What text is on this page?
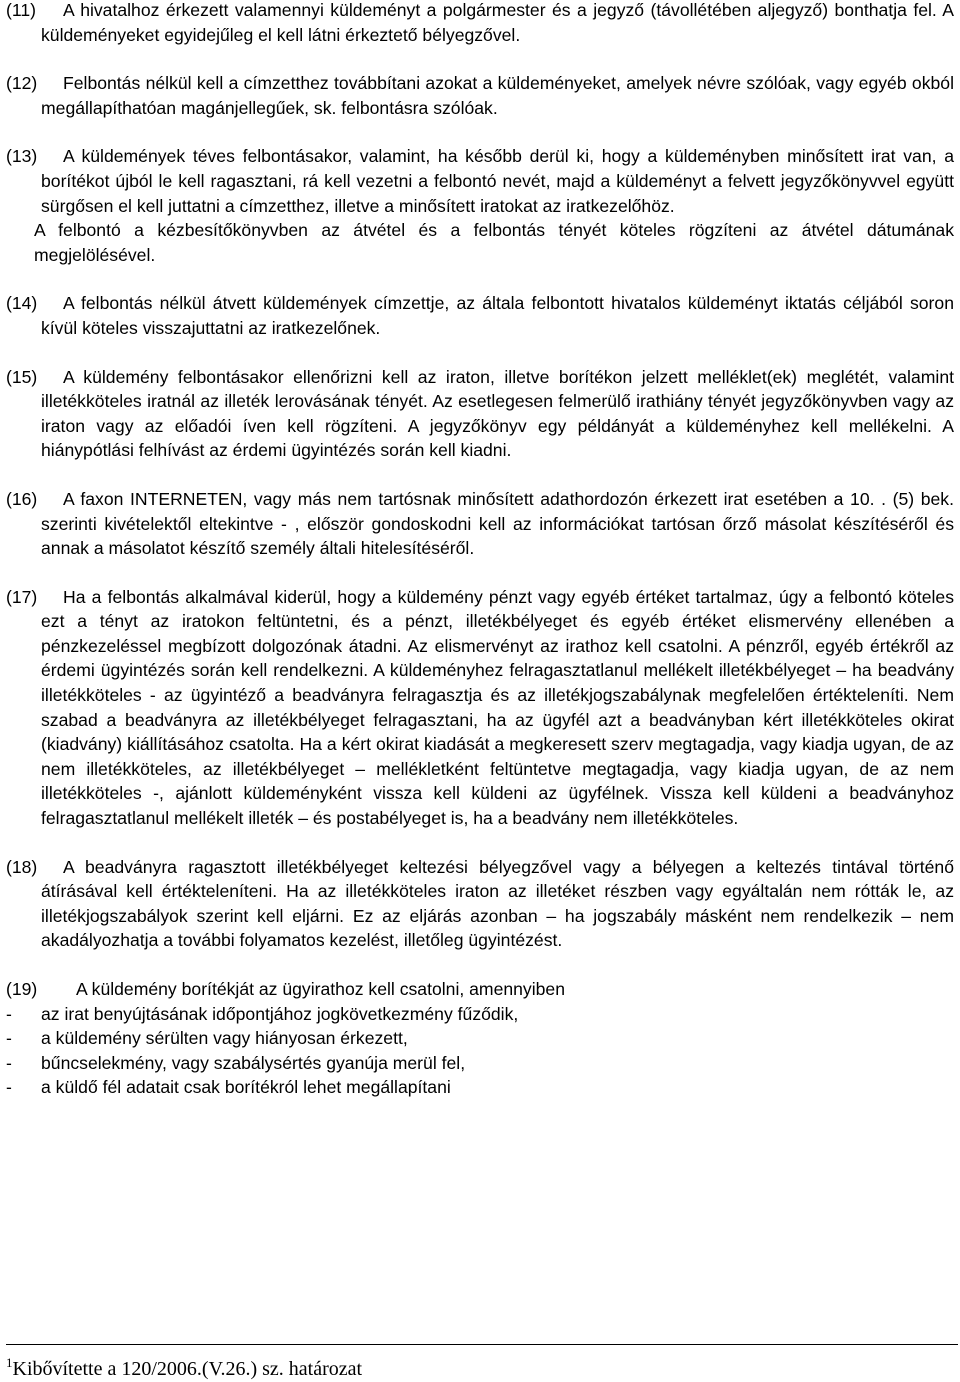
(11) A hivatalhoz érkezett valamennyi küldeményt a polgármester és a jegyző (távollétében aljegyző) bonthatja fel. A küldeményeket egyidejűleg el kell látni érkeztető bélyegzővel.
(12) Felbontás nélkül kell a címzetthez továbbítani azokat a küldeményeket, amelyek névre szólóak, vagy egyéb okból megállapíthatóan magánjellegűek, sk. felbontásra szólóak.
(13) A küldemények téves felbontásakor, valamint, ha később derül ki, hogy a küldeményben minősített irat van, a borítékot újból le kell ragasztani, rá kell vezetni a felbontó nevét, majd a küldeményt a felvett jegyzőkönyvvel együtt sürgősen el kell juttatni a címzetthez, illetve a minősített iratokat az iratkezelőhöz.
A felbontó a kézbesítőkönyvben az átvétel és a felbontás tényét köteles rögzíteni az átvétel dátumának megjelölésével.
(14) A felbontás nélkül átvett küldemények címzettje, az általa felbontott hivatalos küldeményt iktatás céljából soron kívül köteles visszajuttatni az iratkezelőnek.
(15) A küldemény felbontásakor ellenőrizni kell az iraton, illetve borítékon jelzett melléklet(ek) meglétét, valamint illetékköteles iratnál az illeték lerovásának tényét. Az esetlegesen felmerülő irathiány tényét jegyzőkönyvben vagy az iraton vagy az előadói íven kell rögzíteni. A jegyzőkönyv egy példányát a küldeményhez kell mellékelni. A hiánypótlási felhívást az érdemi ügyintézés során kell kiadni.
(16) A faxon INTERNETEN, vagy más nem tartósnak minősített adathordozón érkezett irat esetében a 10. . (5) bek. szerinti kivételektől eltekintve - , először gondoskodni kell az információkat tartósan őrző másolat készítéséről és annak a másolatot készítő személy általi hitelesítéséről.
(17) Ha a felbontás alkalmával kiderül, hogy a küldemény pénzt vagy egyéb értéket tartalmaz, úgy a felbontó köteles ezt a tényt az iratokon feltüntetni, és a pénzt, illetékbélyeget és egyéb értéket elismervény ellenében a pénzkezeléssel megbízott dolgozónak átadni. Az elismervényt az irathoz kell csatolni. A pénzről, egyéb értékről az érdemi ügyintézés során kell rendelkezni. A küldeményhez felragasztatlanul mellékelt illetékbélyeget – ha beadvány illetékköteles - az ügyintéző a beadványra felragasztja és az illetékjogszabálynak megfelelően értékteleníti. Nem szabad a beadványra az illetékbélyeget felragasztani, ha az ügyfél azt a beadványban kért illetékköteles okirat (kiadvány) kiállításához csatolta. Ha a kért okirat kiadását a megkeresett szerv megtagadja, vagy kiadja ugyan, de az nem illetékköteles, az illetékbélyeget – mellékletként feltüntetve megtagadja, vagy kiadja ugyan, de az nem illetékköteles -, ajánlott küldeményként vissza kell küldeni az ügyfélnek. Vissza kell küldeni a beadványhoz felragasztatlanul mellékelt illeték – és postabélyeget is, ha a beadvány nem illetékköteles.
(18) A beadványra ragasztott illetékbélyeget keltezési bélyegzővel vagy a bélyegen a keltezés tintával történő átírásával kell értékteleníteni. Ha az illetékköteles iraton az illetéket részben vagy egyáltalán nem rótták le, az illetékjogszabályok szerint kell eljárni. Ez az eljárás azonban – ha jogszabály másként nem rendelkezik – nem akadályozhatja a további folyamatos kezelést, illetőleg ügyintézést.
(19) A küldemény borítékját az ügyirathoz kell csatolni, amennyiben
- az irat benyújtásának időpontjához jogkövetkezmény fűződik,
- a küldemény sérülten vagy hiányosan érkezett,
- bűncselekmény, vagy szabálysértés gyanúja merül fel,
- a küldő fél adatait csak borítékról lehet megállapítani
$^1$Kibővítette a 120/2006.(V.26.) sz. határozat
